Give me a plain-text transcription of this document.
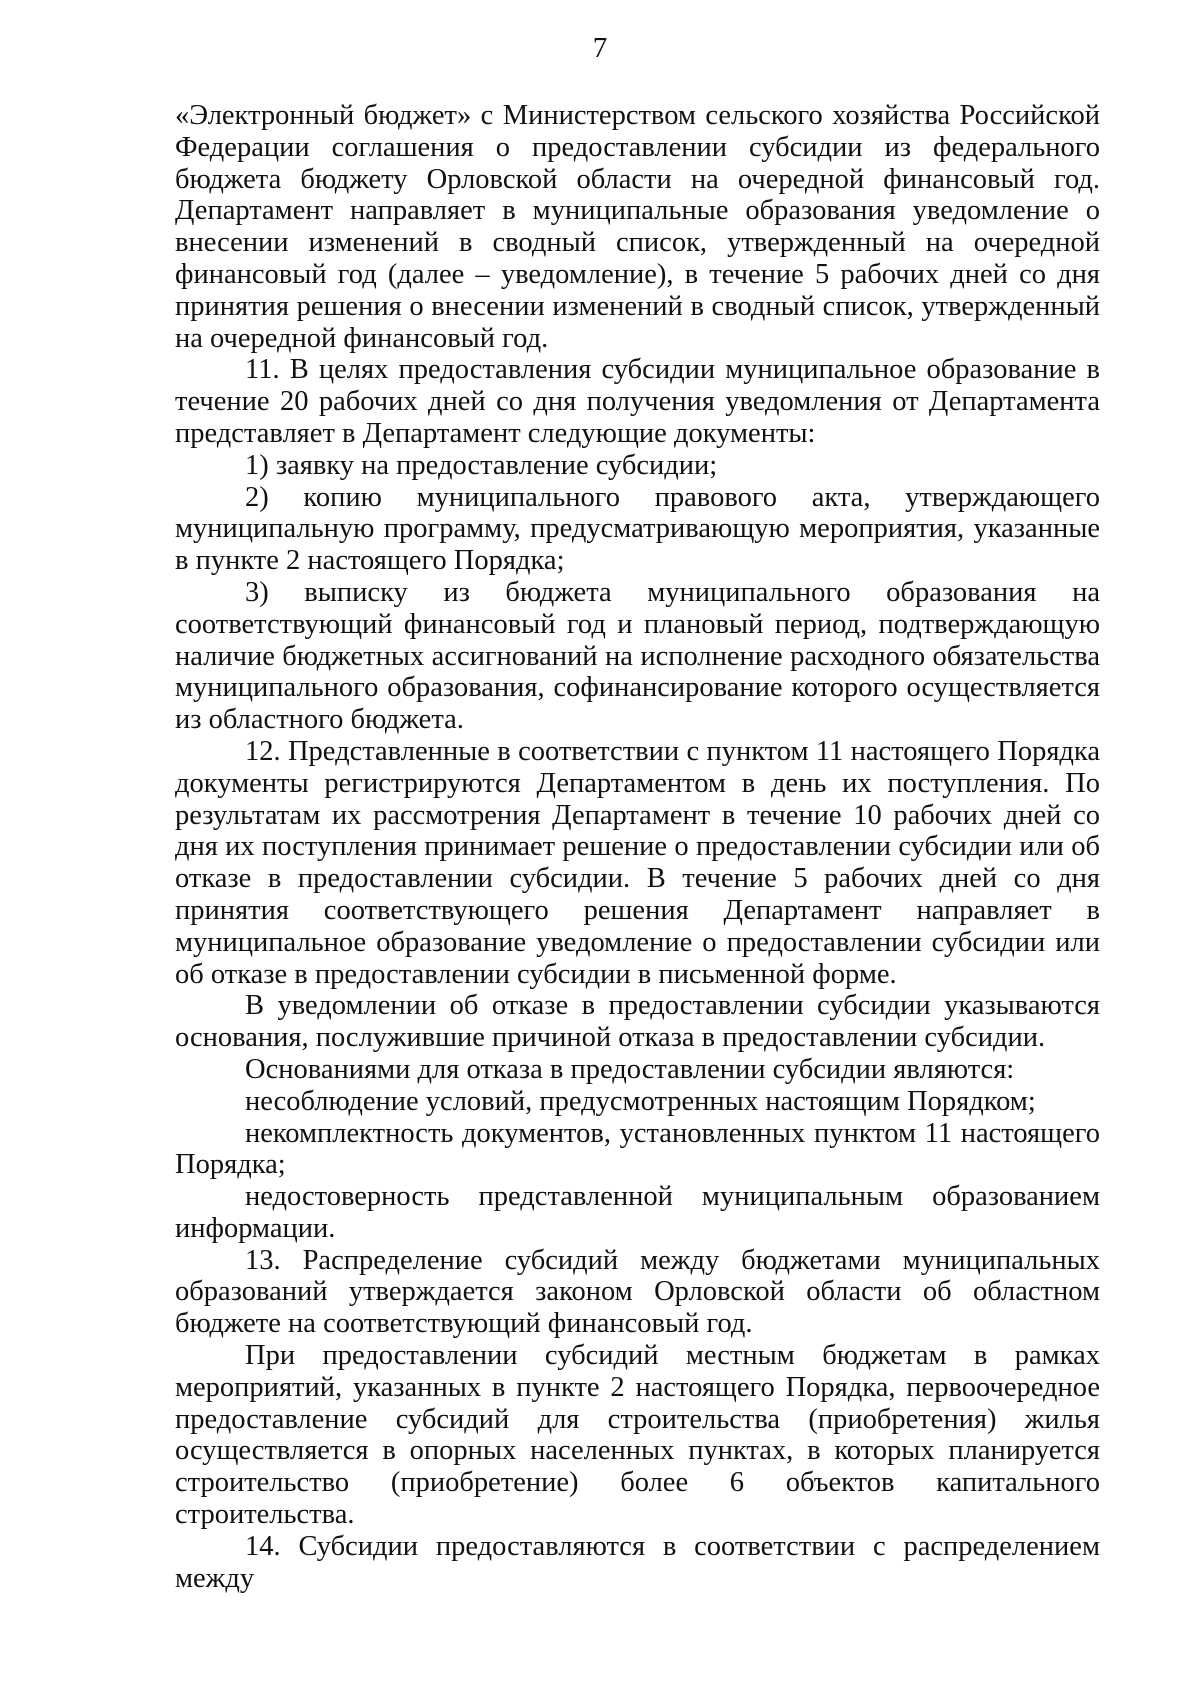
7

«Электронный бюджет» с Министерством сельского хозяйства Российской Федерации соглашения о предоставлении субсидии из федерального бюджета бюджету Орловской области на очередной финансовый год. Департамент направляет в муниципальные образования уведомление о внесении изменений в сводный список, утвержденный на очередной финансовый год (далее – уведомление), в течение 5 рабочих дней со дня принятия решения о внесении изменений в сводный список, утвержденный на очередной финансовый год.

11. В целях предоставления субсидии муниципальное образование в течение 20 рабочих дней со дня получения уведомления от Департамента представляет в Департамент следующие документы:

1) заявку на предоставление субсидии;

2) копию муниципального правового акта, утверждающего муниципальную программу, предусматривающую мероприятия, указанные в пункте 2 настоящего Порядка;

3) выписку из бюджета муниципального образования на соответствующий финансовый год и плановый период, подтверждающую наличие бюджетных ассигнований на исполнение расходного обязательства муниципального образования, софинансирование которого осуществляется из областного бюджета.

12. Представленные в соответствии с пунктом 11 настоящего Порядка документы регистрируются Департаментом в день их поступления. По результатам их рассмотрения Департамент в течение 10 рабочих дней со дня их поступления принимает решение о предоставлении субсидии или об отказе в предоставлении субсидии. В течение 5 рабочих дней со дня принятия соответствующего решения Департамент направляет в муниципальное образование уведомление о предоставлении субсидии или об отказе в предоставлении субсидии в письменной форме.

В уведомлении об отказе в предоставлении субсидии указываются основания, послужившие причиной отказа в предоставлении субсидии.

Основаниями для отказа в предоставлении субсидии являются:

несоблюдение условий, предусмотренных настоящим Порядком;

некомплектность документов, установленных пунктом 11 настоящего Порядка;

недостоверность представленной муниципальным образованием информации.

13. Распределение субсидий между бюджетами муниципальных образований утверждается законом Орловской области об областном бюджете на соответствующий финансовый год.

При предоставлении субсидий местным бюджетам в рамках мероприятий, указанных в пункте 2 настоящего Порядка, первоочередное предоставление субсидий для строительства (приобретения) жилья осуществляется в опорных населенных пунктах, в которых планируется строительство (приобретение) более 6 объектов капитального строительства.

14. Субсидии предоставляются в соответствии с распределением между
